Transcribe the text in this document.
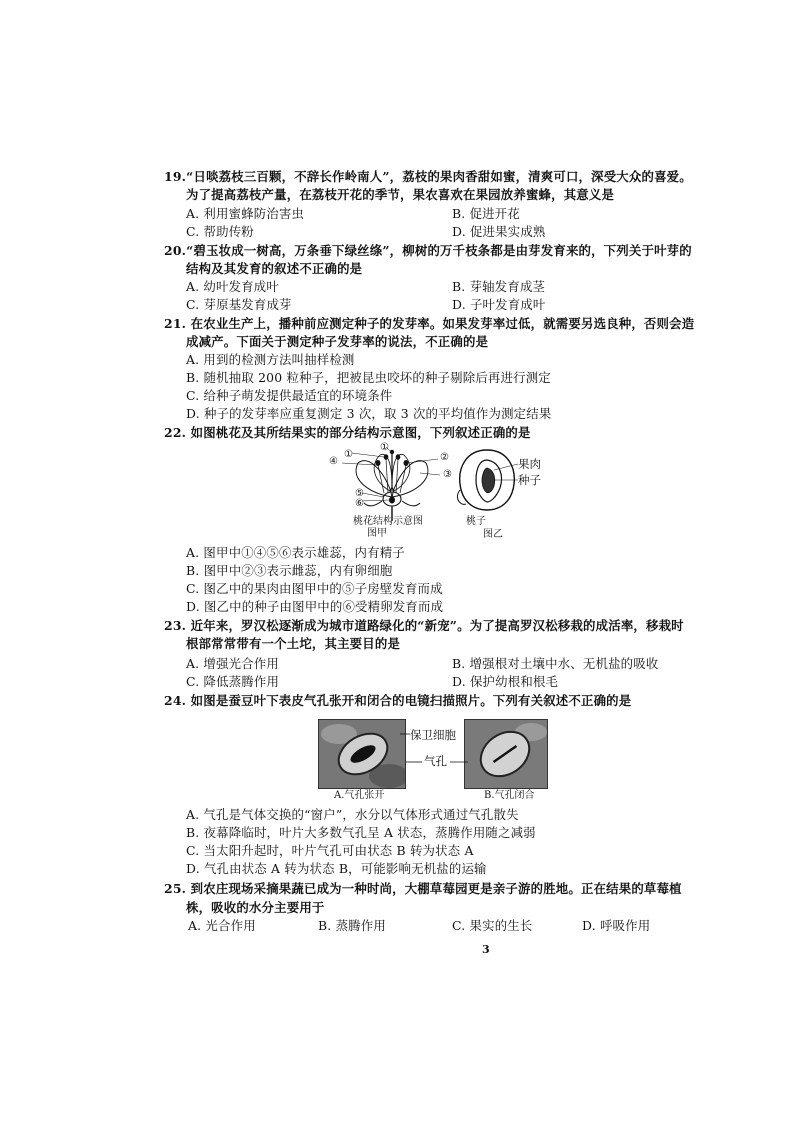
19.“日啖荔枝三百颗，不辞长作岭南人”，荔枝的果肉香甜如蜜，清爽可口，深受大众的喜爱。
为了提高荔枝产量，在荔枝开花的季节，果农喜欢在果园放养蜜蜂，其意义是
A. 利用蜜蜂防治害虫	B. 促进开花
C. 帮助传粉	D. 促进果实成熟
20.“碧玉妆成一树高，万条垂下绿丝绦”，柳树的万千枝条都是由芽发育来的，下列关于叶芽的
结构及其发育的叙述不正确的是
A. 幼叶发育成叶	B. 芽轴发育成茎
C. 芽原基发育成芽	D. 子叶发育成叶
21. 在农业生产上，播种前应测定种子的发芽率。如果发芽率过低，就需要另选良种，否则会造
成减产。下面关于测定种子发芽率的说法，不正确的是
A. 用到的检测方法叫抽样检测
B. 随机抽取 200 粒种子，把被昆虫咬坏的种子剔除后再进行测定
C. 给种子萌发提供最适宜的环境条件
D. 种子的发芽率应重复测定 3 次，取 3 次的平均值作为测定结果
22. 如图桃花及其所结果实的部分结构示意图，下列叙述正确的是
④
①
①
②
③
⑤
⑥
桃花结构示意图
图甲
桃子
图乙
果肉
种子
A. 图甲中①④⑤⑥表示雄蕊，内有精子
B. 图甲中②③表示雌蕊，内有卵细胞
C. 图乙中的果肉由图甲中的⑤子房壁发育而成
D. 图乙中的种子由图甲中的⑥受精卵发育而成
23. 近年来，罗汉松逐渐成为城市道路绿化的“新宠”。为了提高罗汉松移栽的成活率，移栽时
根部常常带有一个土坨，其主要目的是
A. 增强光合作用	B. 增强根对土壤中水、无机盐的吸收
C. 降低蒸腾作用	D. 保护幼根和根毛
24. 如图是蚕豆叶下表皮气孔张开和闭合的电镜扫描照片。下列有关叙述不正确的是
保卫细胞
气孔
A.气孔张开	B.气孔闭合
A. 气孔是气体交换的“窗户”，水分以气体形式通过气孔散失
B. 夜幕降临时，叶片大多数气孔呈 A 状态，蒸腾作用随之减弱
C. 当太阳升起时，叶片气孔可由状态 B 转为状态 A
D. 气孔由状态 A 转为状态 B，可能影响无机盐的运输
25. 到农庄现场采摘果蔬已成为一种时尚，大棚草莓园更是亲子游的胜地。正在结果的草莓植
株，吸收的水分主要用于
A. 光合作用	B. 蒸腾作用	C. 果实的生长	D. 呼吸作用
3
